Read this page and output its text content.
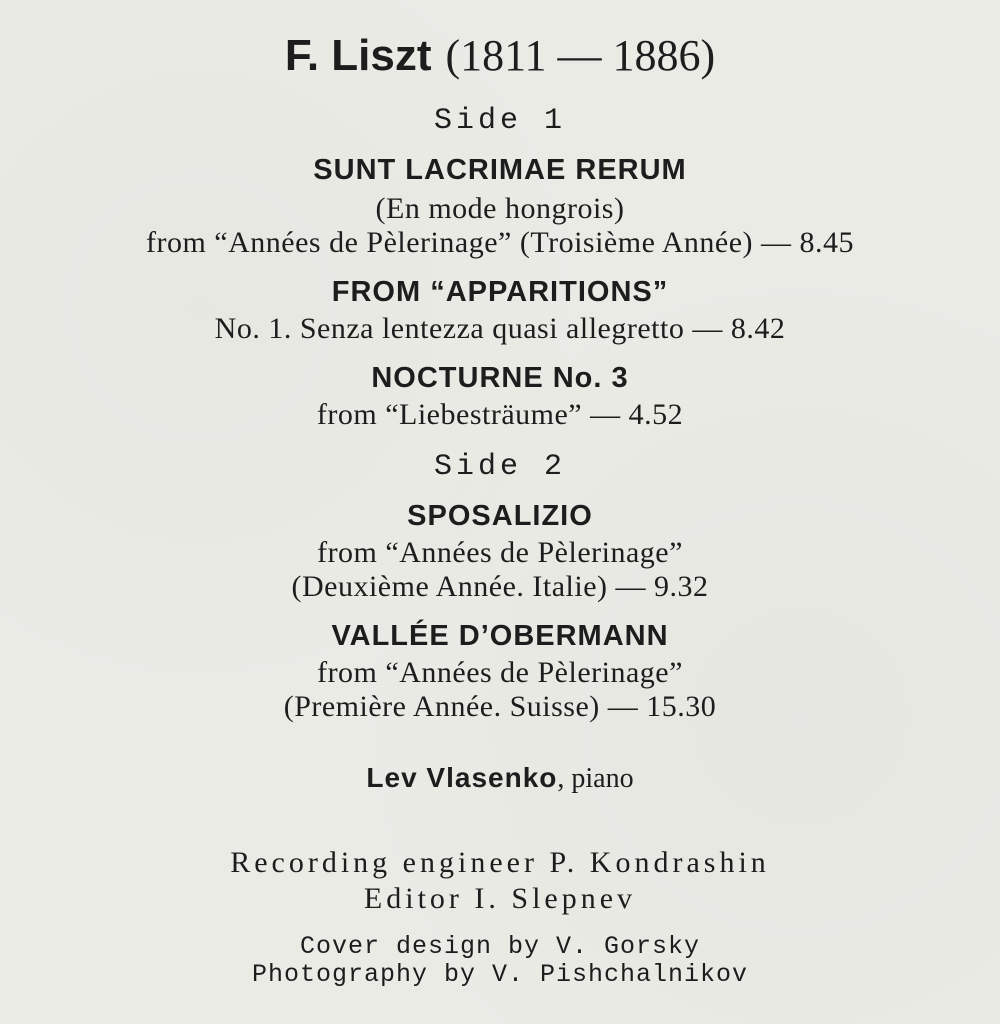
F. Liszt (1811 — 1886)
Side 1
SUNT LACRIMAE RERUM
(En mode hongrois)
from “Années de Pèlerinage” (Troisième Année) — 8.45
FROM “APPARITIONS”
No. 1. Senza lentezza quasi allegretto — 8.42
NOCTURNE No. 3
from “Liebesträume” — 4.52
Side 2
SPOSALIZIO
from “Années de Pèlerinage”
(Deuxième Année. Italie) — 9.32
VALLÉE D’OBERMANN
from “Années de Pèlerinage”
(Première Année. Suisse) — 15.30
Lev Vlasenko, piano
Recording engineer P. Kondrashin
Editor I. Slepnev
Cover design by V. Gorsky
Photography by V. Pishchalnikov
